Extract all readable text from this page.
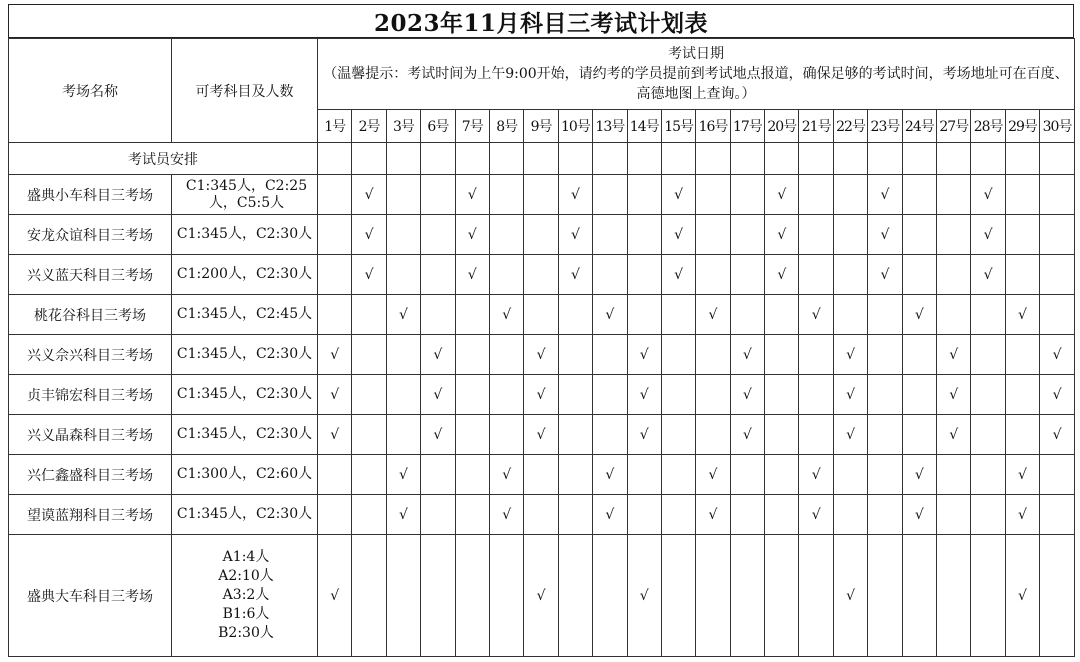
2023年11月科目三考试计划表
考场名称	可考科目及人数	考试日期
（温馨提示：考试时间为上午9:00开始，请约考的学员提前到考试地点报道，确保足够的考试时间，考场地址可在百度、高德地图上查询。）																					

		1号	2号	3号	6号	7号	8号	9号	10号	13号	14号	15号	16号	17号	20号	21号	22号	23号	24号	27号	28号	29号	30号
考试员安排																							
盛典小车科目三考场	C1:345人，C2:25人，C5:5人		√			√			√			√			√			√			√		
安龙众谊科目三考场	C1:345人，C2:30人		√			√			√			√			√			√			√		
兴义蓝天科目三考场	C1:200人，C2:30人		√			√			√			√			√			√			√		
桃花谷科目三考场	C1:345人，C2:45人			√			√			√			√			√			√			√	
兴义佘兴科目三考场	C1:345人，C2:30人	√			√			√			√			√			√			√			√
贞丰锦宏科目三考场	C1:345人，C2:30人	√			√			√			√			√			√			√			√
兴义晶森科目三考场	C1:345人，C2:30人	√			√			√			√			√			√			√			√
兴仁鑫盛科目三考场	C1:300人，C2:60人			√			√			√			√			√			√			√	
望谟蓝翔科目三考场	C1:345人，C2:30人			√			√			√			√			√			√			√	
盛典大车科目三考场	A1:4人
A2:10人
A3:2人
B1:6人
B2:30人	√						√			√						√					√	
